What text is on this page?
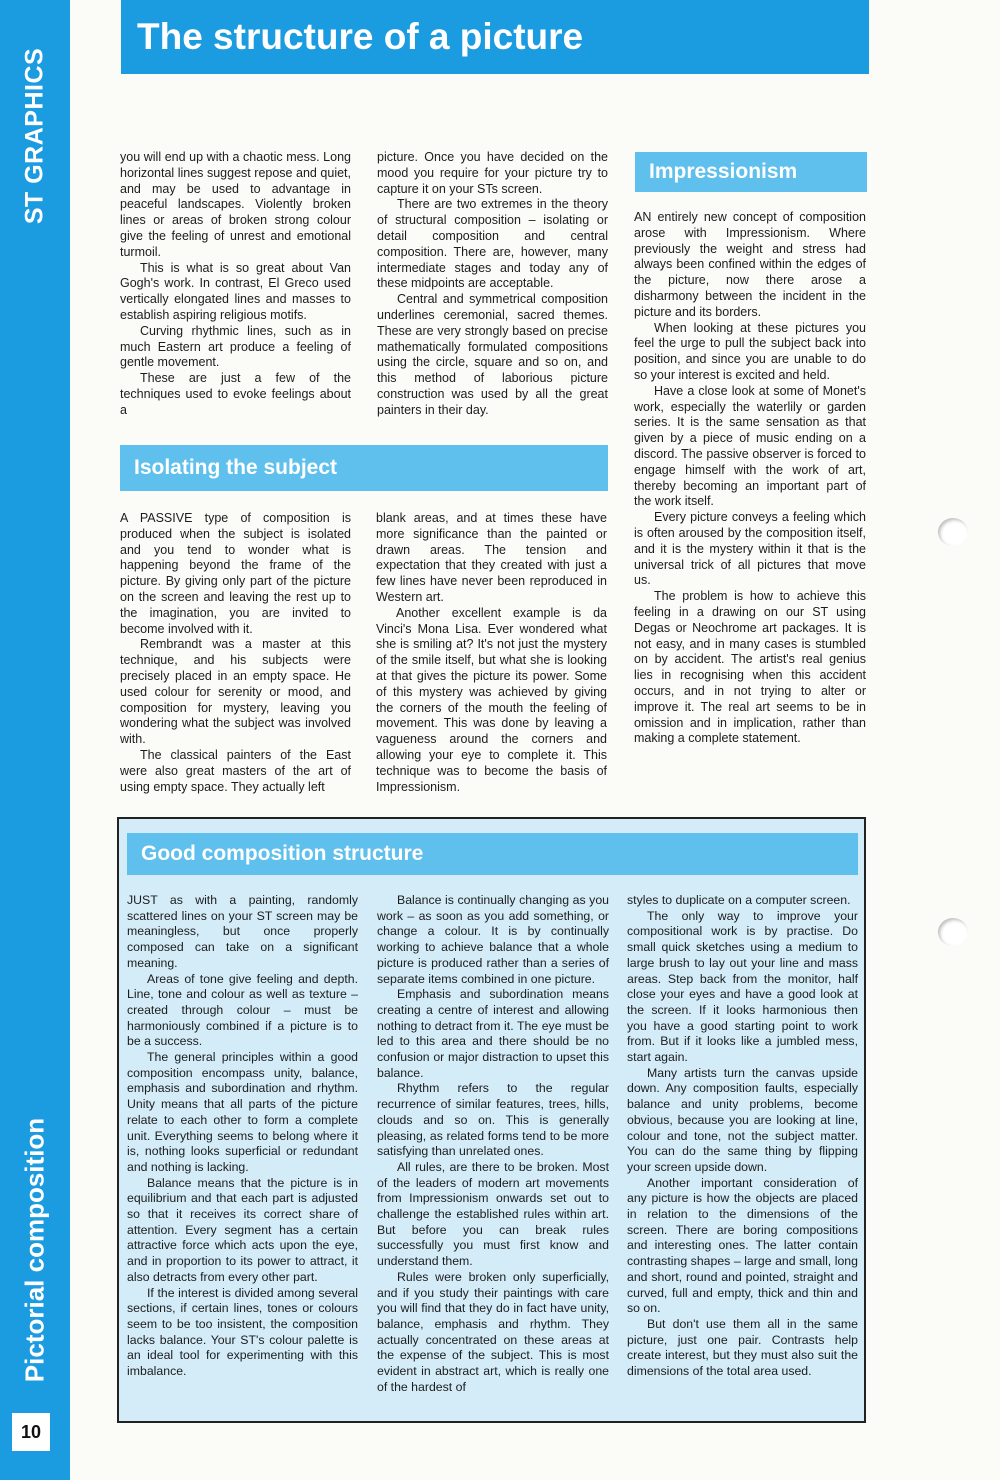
ST GRAPHICS
Pictorial composition
10
The structure of a picture

you will end up with a chaotic mess. Long horizontal lines suggest repose and quiet, and may be used to advantage in peaceful landscapes. Violently broken lines or areas of broken strong colour give the feeling of unrest and emotional turmoil.

This is what is so great about Van Gogh's work. In contrast, El Greco used vertically elongated lines and masses to establish aspiring religious motifs.

Curving rhythmic lines, such as in much Eastern art produce a feeling of gentle movement.

These are just a few of the techniques used to evoke feelings about a

picture. Once you have decided on the mood you require for your picture try to capture it on your STs screen.

There are two extremes in the theory of structural composition – isolating or detail composition and central composition. There are, however, many intermediate stages and today any of these midpoints are acceptable.

Central and symmetrical composition underlines ceremonial, sacred themes. These are very strongly based on precise mathematically formulated compositions using the circle, square and so on, and this method of laborious picture construction was used by all the great painters in their day.

Impressionism

AN entirely new concept of composition arose with Impressionism. Where previously the weight and stress had always been confined within the edges of the picture, now there arose a disharmony between the incident in the picture and its borders.

When looking at these pictures you feel the urge to pull the subject back into position, and since you are unable to do so your interest is excited and held.

Have a close look at some of Monet's work, especially the waterlily or garden series. It is the same sensation as that given by a piece of music ending on a discord. The passive observer is forced to engage himself with the work of art, thereby becoming an important part of the work itself.

Every picture conveys a feeling which is often aroused by the composition itself, and it is the mystery within it that is the universal trick of all pictures that move us.

The problem is how to achieve this feeling in a drawing on our ST using Degas or Neochrome art packages. It is not easy, and in many cases is stumbled on by accident. The artist's real genius lies in recognising when this accident occurs, and in not trying to alter or improve it. The real art seems to be in omission and in implication, rather than making a complete statement.

Isolating the subject

A PASSIVE type of composition is produced when the subject is isolated and you tend to wonder what is happening beyond the frame of the picture. By giving only part of the picture on the screen and leaving the rest up to the imagination, you are invited to become involved with it.

Rembrandt was a master at this technique, and his subjects were precisely placed in an empty space. He used colour for serenity or mood, and composition for mystery, leaving you wondering what the subject was involved with.

The classical painters of the East were also great masters of the art of using empty space. They actually left

blank areas, and at times these have more significance than the painted or drawn areas. The tension and expectation that they created with just a few lines have never been reproduced in Western art.

Another excellent example is da Vinci's Mona Lisa. Ever wondered what she is smiling at? It's not just the mystery of the smile itself, but what she is looking at that gives the picture its power. Some of this mystery was achieved by giving the corners of the mouth the feeling of movement. This was done by leaving a vagueness around the corners and allowing your eye to complete it. This technique was to become the basis of Impressionism.

Good composition structure

JUST as with a painting, randomly scattered lines on your ST screen may be meaningless, but once properly composed can take on a significant meaning.

Areas of tone give feeling and depth. Line, tone and colour as well as texture – created through colour – must be harmoniously combined if a picture is to be a success.

The general principles within a good composition encompass unity, balance, emphasis and subordination and rhythm. Unity means that all parts of the picture relate to each other to form a complete unit. Everything seems to belong where it is, nothing looks superficial or redundant and nothing is lacking.

Balance means that the picture is in equilibrium and that each part is adjusted so that it receives its correct share of attention. Every segment has a certain attractive force which acts upon the eye, and in proportion to its power to attract, it also detracts from every other part.

If the interest is divided among several sections, if certain lines, tones or colours seem to be too insistent, the composition lacks balance. Your ST's colour palette is an ideal tool for experimenting with this imbalance.

Balance is continually changing as you work – as soon as you add something, or change a colour. It is by continually working to achieve balance that a whole picture is produced rather than a series of separate items combined in one picture.

Emphasis and subordination means creating a centre of interest and allowing nothing to detract from it. The eye must be led to this area and there should be no confusion or major distraction to upset this balance.

Rhythm refers to the regular recurrence of similar features, trees, hills, clouds and so on. This is generally pleasing, as related forms tend to be more satisfying than unrelated ones.

All rules, are there to be broken. Most of the leaders of modern art movements from Impressionism onwards set out to challenge the established rules within art. But before you can break rules successfully you must first know and understand them.

Rules were broken only superficially, and if you study their paintings with care you will find that they do in fact have unity, balance, emphasis and rhythm. They actually concentrated on these areas at the expense of the subject. This is most evident in abstract art, which is really one of the hardest of

styles to duplicate on a computer screen.

The only way to improve your compositional work is by practise. Do small quick sketches using a medium to large brush to lay out your line and mass areas. Step back from the monitor, half close your eyes and have a good look at the screen. If it looks harmonious then you have a good starting point to work from. But if it looks like a jumbled mess, start again.

Many artists turn the canvas upside down. Any composition faults, especially balance and unity problems, become obvious, because you are looking at line, colour and tone, not the subject matter. You can do the same thing by flipping your screen upside down.

Another important consideration of any picture is how the objects are placed in relation to the dimensions of the screen. There are boring compositions and interesting ones. The latter contain contrasting shapes – large and small, long and short, round and pointed, straight and curved, full and empty, thick and thin and so on.

But don't use them all in the same picture, just one pair. Contrasts help create interest, but they must also suit the dimensions of the total area used.
